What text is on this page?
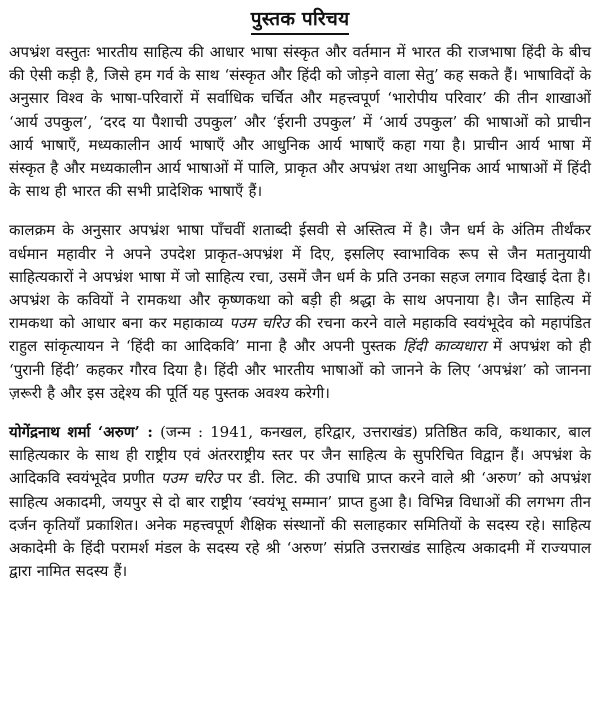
पुस्तक परिचय

अपभ्रंश वस्तुतः भारतीय साहित्य की आधार भाषा संस्कृत और वर्तमान में भारत की राजभाषा हिंदी के बीच की ऐसी कड़ी है, जिसे हम गर्व के साथ ‘संस्कृत और हिंदी को जोड़ने वाला सेतु’ कह सकते हैं। भाषाविदों के अनुसार विश्व के भाषा-परिवारों में सर्वाधिक चर्चित और महत्त्वपूर्ण ‘भारोपीय परिवार’ की तीन शाखाओं ‘आर्य उपकुल’, ‘दरद या पैशाची उपकुल’ और ‘ईरानी उपकुल’ में ‘आर्य उपकुल’ की भाषाओं को प्राचीन आर्य भाषाएँ, मध्यकालीन आर्य भाषाएँ और आधुनिक आर्य भाषाएँ कहा गया है। प्राचीन आर्य भाषा में संस्कृत है और मध्यकालीन आर्य भाषाओं में पालि, प्राकृत और अपभ्रंश तथा आधुनिक आर्य भाषाओं में हिंदी के साथ ही भारत की सभी प्रादेशिक भाषाएँ हैं।

कालक्रम के अनुसार अपभ्रंश भाषा पाँचवीं शताब्दी ईसवी से अस्तित्व में है। जैन धर्म के अंतिम तीर्थंकर वर्धमान महावीर ने अपने उपदेश प्राकृत-अपभ्रंश में दिए, इसलिए स्वाभाविक रूप से जैन मतानुयायी साहित्यकारों ने अपभ्रंश भाषा में जो साहित्य रचा, उसमें जैन धर्म के प्रति उनका सहज लगाव दिखाई देता है। अपभ्रंश के कवियों ने रामकथा और कृष्णकथा को बड़ी ही श्रद्धा के साथ अपनाया है। जैन साहित्य में रामकथा को आधार बना कर महाकाव्य पउम चरिउ की रचना करने वाले महाकवि स्वयंभूदेव को महापंडित राहुल सांकृत्यायन ने ‘हिंदी का आदिकवि’ माना है और अपनी पुस्तक हिंदी काव्यधारा में अपभ्रंश को ही ‘पुरानी हिंदी’ कहकर गौरव दिया है। हिंदी और भारतीय भाषाओं को जानने के लिए ‘अपभ्रंश’ को जानना ज़रूरी है और इस उद्देश्य की पूर्ति यह पुस्तक अवश्य करेगी।

योगेंद्रनाथ शर्मा ‘अरुण’ : (जन्म : 1941, कनखल, हरिद्वार, उत्तराखंड) प्रतिष्ठित कवि, कथाकार, बाल साहित्यकार के साथ ही राष्ट्रीय एवं अंतरराष्ट्रीय स्तर पर जैन साहित्य के सुपरिचित विद्वान हैं। अपभ्रंश के आदिकवि स्वयंभूदेव प्रणीत पउम चरिउ पर डी. लिट. की उपाधि प्राप्त करने वाले श्री ‘अरुण’ को अपभ्रंश साहित्य अकादमी, जयपुर से दो बार राष्ट्रीय ‘स्वयंभू सम्मान’ प्राप्त हुआ है। विभिन्न विधाओं की लगभग तीन दर्जन कृतियाँ प्रकाशित। अनेक महत्त्वपूर्ण शैक्षिक संस्थानों की सलाहकार समितियों के सदस्य रहे। साहित्य अकादेमी के हिंदी परामर्श मंडल के सदस्य रहे श्री ‘अरुण’ संप्रति उत्तराखंड साहित्य अकादमी में राज्यपाल द्वारा नामित सदस्य हैं।
